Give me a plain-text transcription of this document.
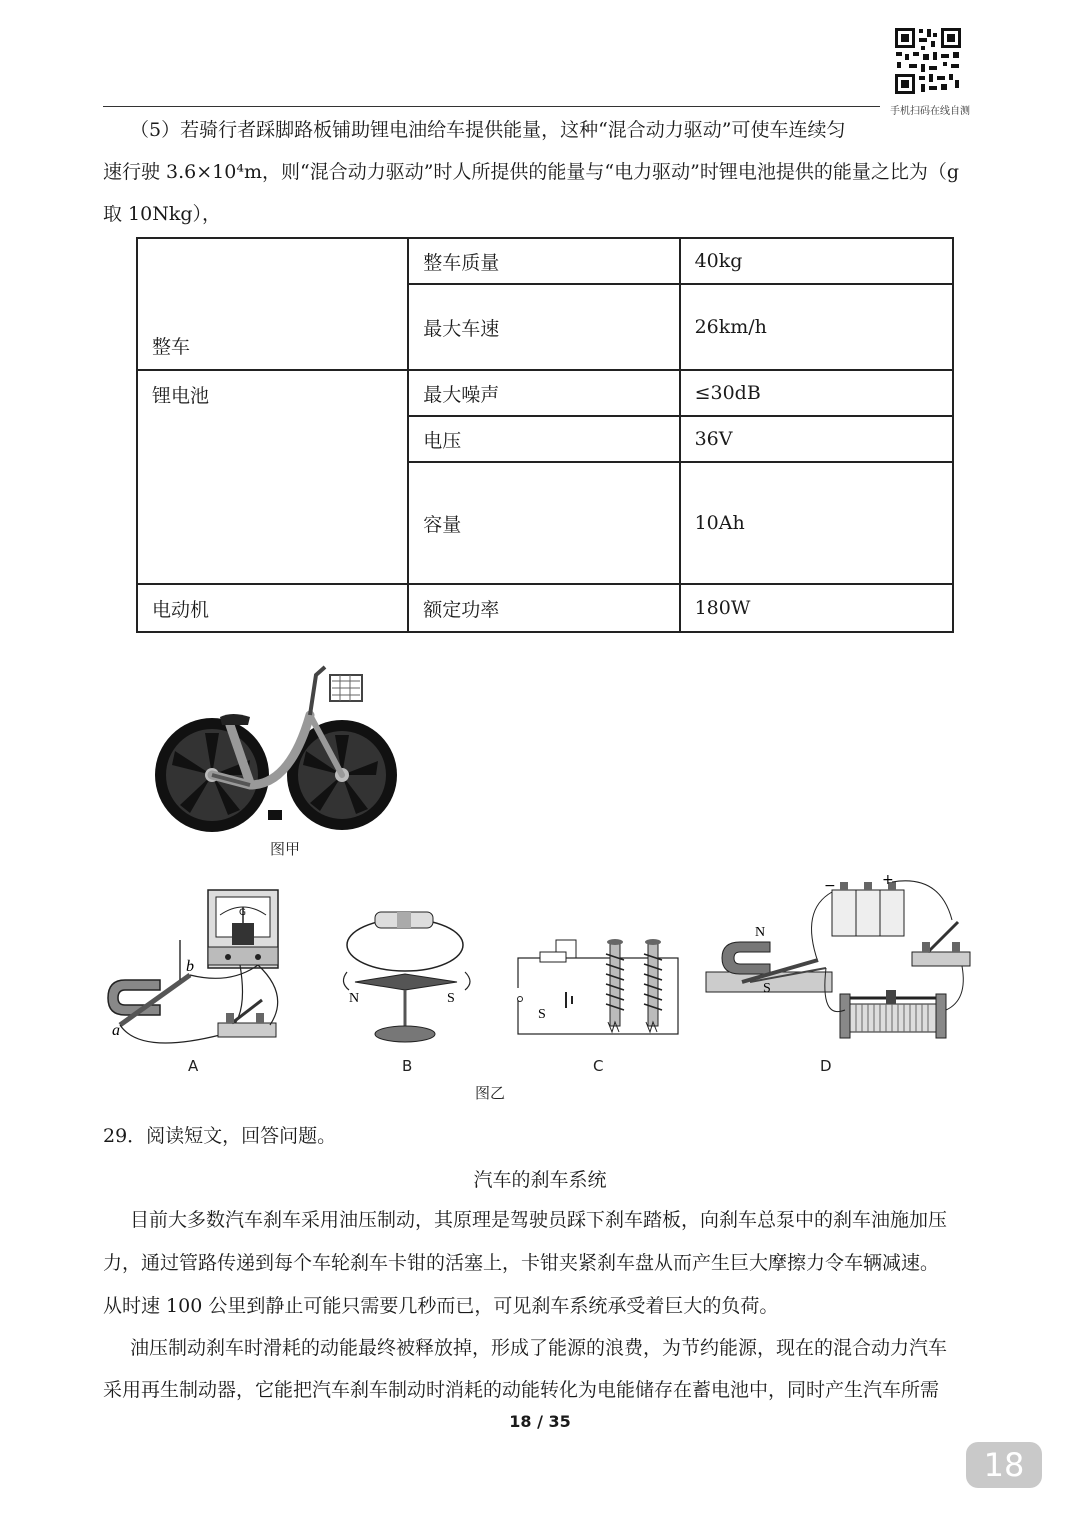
手机扫码在线自测
（5）若骑行者踩脚路板铺助锂电油给车提供能量，这种“混合动力驱动”可使车连续匀
速行驶 3.6×10⁴m，则“混合动力驱动”时人所提供的能量与“电力驱动”时锂电池提供的能量之比为（g
取 10Nkg），
整车	整车质量	40kg
	最大车速	26km/h
锂电池	最大噪声	≤30dB
	电压	36V
	容量	10Ah
电动机	额定功率	180W
图甲
a
b
G
A
N	S
B
S
C
−	+
N
S
D
图乙
29．阅读短文，回答问题。
汽车的刹车系统
目前大多数汽车刹车采用油压制动，其原理是驾驶员踩下刹车踏板，向刹车总泵中的刹车油施加压
力，通过管路传递到每个车轮刹车卡钳的活塞上，卡钳夹紧刹车盘从而产生巨大摩擦力令车辆减速。
从时速 100 公里到静止可能只需要几秒而已，可见刹车系统承受着巨大的负荷。
油压制动刹车时滑耗的动能最终被释放掉，形成了能源的浪费，为节约能源，现在的混合动力汽车
采用再生制动器，它能把汽车刹车制动时消耗的动能转化为电能储存在蓄电池中，同时产生汽车所需
18 / 35
18
